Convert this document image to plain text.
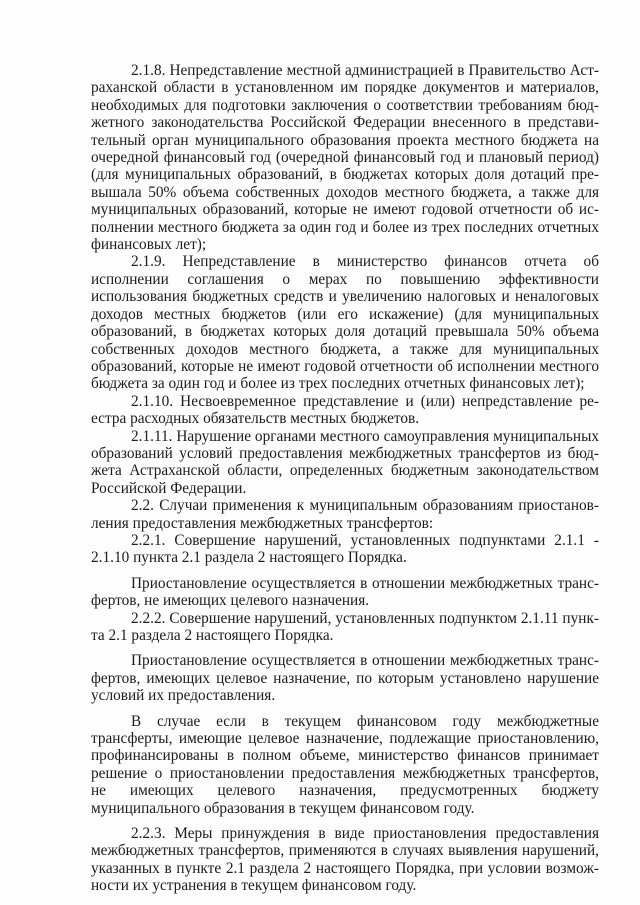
2.1.8. Непредставление местной администрацией в Правительство Астраханской области в установленном им порядке документов и материалов, необходимых для подготовки заключения о соответствии требованиям бюджетного законодательства Российской Федерации внесенного в представительный орган муниципального образования проекта местного бюджета на очередной финансовый год (очередной финансовый год и плановый период) (для муниципальных образований, в бюджетах которых доля дотаций превышала 50% объема собственных доходов местного бюджета, а также для муниципальных образований, которые не имеют годовой отчетности об исполнении местного бюджета за один год и более из трех последних отчетных финансовых лет);

2.1.9. Непредставление в министерство финансов отчета об исполнении соглашения о мерах по повышению эффективности использования бюджетных средств и увеличению налоговых и неналоговых доходов местных бюджетов (или его искажение) (для муниципальных образований, в бюджетах которых доля дотаций превышала 50% объема собственных доходов местного бюджета, а также для муниципальных образований, которые не имеют годовой отчетности об исполнении местного бюджета за один год и более из трех последних отчетных финансовых лет);

2.1.10. Несвоевременное представление и (или) непредставление реестра расходных обязательств местных бюджетов.

2.1.11. Нарушение органами местного самоуправления муниципальных образований условий предоставления межбюджетных трансфертов из бюджета Астраханской области, определенных бюджетным законодательством Российской Федерации.

2.2. Случаи применения к муниципальным образованиям приостановления предоставления межбюджетных трансфертов:

2.2.1. Совершение нарушений, установленных подпунктами 2.1.1 - 2.1.10 пункта 2.1 раздела 2 настоящего Порядка.

Приостановление осуществляется в отношении межбюджетных трансфертов, не имеющих целевого назначения.

2.2.2. Совершение нарушений, установленных подпунктом 2.1.11 пункта 2.1 раздела 2 настоящего Порядка.

Приостановление осуществляется в отношении межбюджетных трансфертов, имеющих целевое назначение, по которым установлено нарушение условий их предоставления.

В случае если в текущем финансовом году межбюджетные трансферты, имеющие целевое назначение, подлежащие приостановлению, профинансированы в полном объеме, министерство финансов принимает решение о приостановлении предоставления межбюджетных трансфертов, не имеющих целевого назначения, предусмотренных бюджету муниципального образования в текущем финансовом году.

2.2.3. Меры принуждения в виде приостановления предоставления межбюджетных трансфертов, применяются в случаях выявления нарушений, указанных в пункте 2.1 раздела 2 настоящего Порядка, при условии возможности их устранения в текущем финансовом году.
